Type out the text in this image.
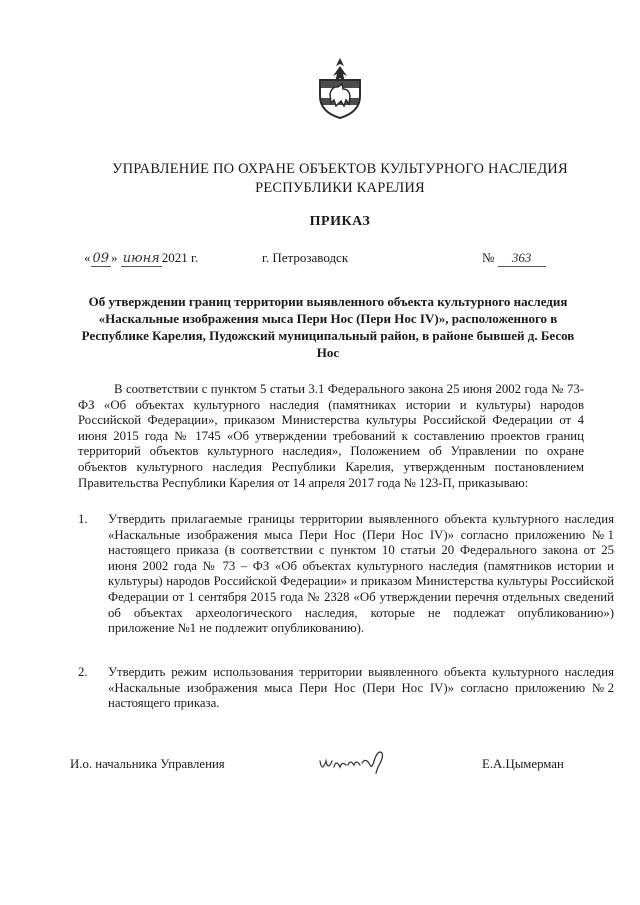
УПРАВЛЕНИЕ ПО ОХРАНЕ ОБЪЕКТОВ КУЛЬТУРНОГО НАСЛЕДИЯ
РЕСПУБЛИКИ КАРЕЛИЯ
ПРИКАЗ
« 09 » июня 2021 г.	г. Петрозаводск	№ 363
Об утверждении границ территории выявленного объекта культурного наследия «Наскальные изображения мыса Пери Нос (Пери Нос IV)», расположенного в Республике Карелия, Пудожский муниципальный район, в районе бывшей д. Бесов Нос
В соответствии с пунктом 5 статьи 3.1 Федерального закона 25 июня 2002 года № 73-ФЗ «Об объектах культурного наследия (памятниках истории и культуры) народов Российской Федерации», приказом Министерства культуры Российской Федерации от 4 июня 2015 года № 1745 «Об утверждении требований к составлению проектов границ территорий объектов культурного наследия», Положением об Управлении по охране объектов культурного наследия Республики Карелия, утвержденным постановлением Правительства Республики Карелия от 14 апреля 2017 года № 123-П, приказываю:
1. Утвердить прилагаемые границы территории выявленного объекта культурного наследия «Наскальные изображения мыса Пери Нос (Пери Нос IV)» согласно приложению №1 настоящего приказа (в соответствии с пунктом 10 статьи 20 Федерального закона от 25 июня 2002 года № 73 – ФЗ «Об объектах культурного наследия (памятников истории и культуры) народов Российской Федерации» и приказом Министерства культуры Российской Федерации от 1 сентября 2015 года № 2328 «Об утверждении перечня отдельных сведений об объектах археологического наследия, которые не подлежат опубликованию») приложение №1 не подлежит опубликованию).
2. Утвердить режим использования территории выявленного объекта культурного наследия «Наскальные изображения мыса Пери Нос (Пери Нос IV)» согласно приложению №2 настоящего приказа.
И.о. начальника Управления	Е.А.Цымерман
